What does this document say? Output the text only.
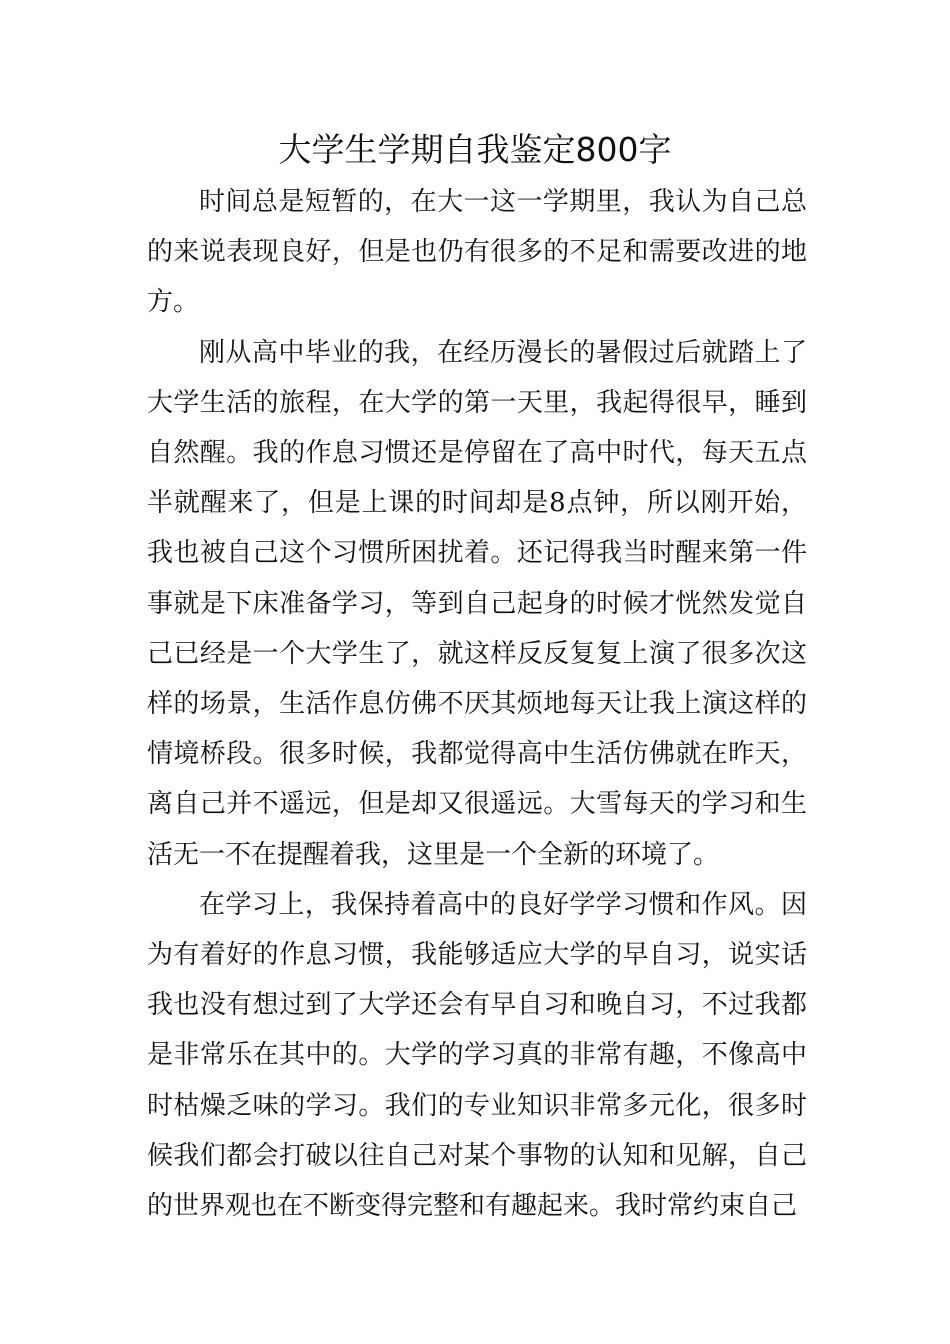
大学生学期自我鉴定800字

时间总是短暂的，在大一这一学期里，我认为自己总的来说表现良好，但是也仍有很多的不足和需要改进的地方。

刚从高中毕业的我，在经历漫长的暑假过后就踏上了大学生活的旅程，在大学的第一天里，我起得很早，睡到自然醒。我的作息习惯还是停留在了高中时代，每天五点半就醒来了，但是上课的时间却是8点钟，所以刚开始，我也被自己这个习惯所困扰着。还记得我当时醒来第一件事就是下床准备学习，等到自己起身的时候才恍然发觉自己已经是一个大学生了，就这样反反复复上演了很多次这样的场景，生活作息仿佛不厌其烦地每天让我上演这样的情境桥段。很多时候，我都觉得高中生活仿佛就在昨天，离自己并不遥远，但是却又很遥远。大雪每天的学习和生活无一不在提醒着我，这里是一个全新的环境了。

在学习上，我保持着高中的良好学学习惯和作风。因为有着好的作息习惯，我能够适应大学的早自习，说实话我也没有想过到了大学还会有早自习和晚自习，不过我都是非常乐在其中的。大学的学习真的非常有趣，不像高中时枯燥乏味的学习。我们的专业知识非常多元化，很多时候我们都会打破以往自己对某个事物的认知和见解，自己的世界观也在不断变得完整和有趣起来。我时常约束自己
